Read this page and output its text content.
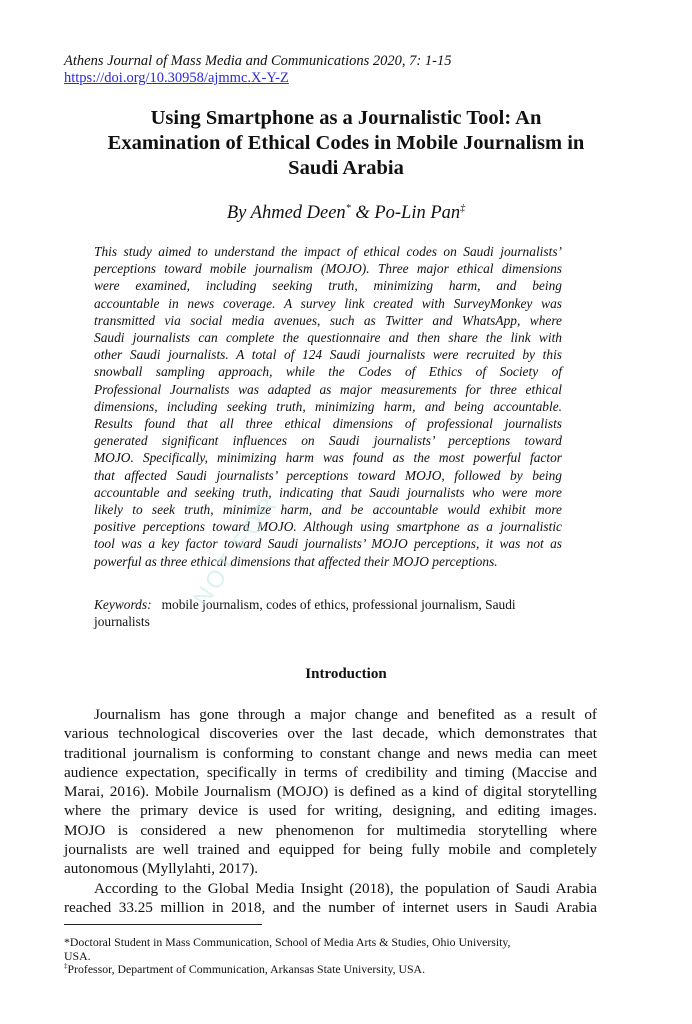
Athens Journal of Mass Media and Communications 2020, 7: 1-15
https://doi.org/10.30958/ajmmc.X-Y-Z
Using Smartphone as a Journalistic Tool: An
Examination of Ethical Codes in Mobile Journalism in
Saudi Arabia
By Ahmed Deen* & Po-Lin Pan‡
This study aimed to understand the impact of ethical codes on Saudi journalists’
perceptions toward mobile journalism (MOJO). Three major ethical dimensions
were examined, including seeking truth, minimizing harm, and being
accountable in news coverage. A survey link created with SurveyMonkey was
transmitted via social media avenues, such as Twitter and WhatsApp, where
Saudi journalists can complete the questionnaire and then share the link with
other Saudi journalists. A total of 124 Saudi journalists were recruited by this
snowball sampling approach, while the Codes of Ethics of Society of
Professional Journalists was adapted as major measurements for three ethical
dimensions, including seeking truth, minimizing harm, and being accountable.
Results found that all three ethical dimensions of professional journalists
generated significant influences on Saudi journalists’ perceptions toward
MOJO. Specifically, minimizing harm was found as the most powerful factor
that affected Saudi journalists’ perceptions toward MOJO, followed by being
accountable and seeking truth, indicating that Saudi journalists who were more
likely to seek truth, minimize harm, and be accountable would exhibit more
positive perceptions toward MOJO. Although using smartphone as a journalistic
tool was a key factor toward Saudi journalists’ MOJO perceptions, it was not as
powerful as three ethical dimensions that affected their MOJO perceptions.
Keywords: mobile journalism, codes of ethics, professional journalism, Saudi
journalists
Introduction
Journalism has gone through a major change and benefited as a result of
various technological discoveries over the last decade, which demonstrates that
traditional journalism is conforming to constant change and news media can meet
audience expectation, specifically in terms of credibility and timing (Maccise and
Marai, 2016). Mobile Journalism (MOJO) is defined as a kind of digital storytelling
where the primary device is used for writing, designing, and editing images.
MOJO is considered a new phenomenon for multimedia storytelling where
journalists are well trained and equipped for being fully mobile and completely
autonomous (Myllylahti, 2017).
According to the Global Media Insight (2018), the population of Saudi Arabia
reached 33.25 million in 2018, and the number of internet users in Saudi Arabia
*Doctoral Student in Mass Communication, School of Media Arts & Studies, Ohio University,
USA.
‡Professor, Department of Communication, Arkansas State University, USA.
NOT FOR
